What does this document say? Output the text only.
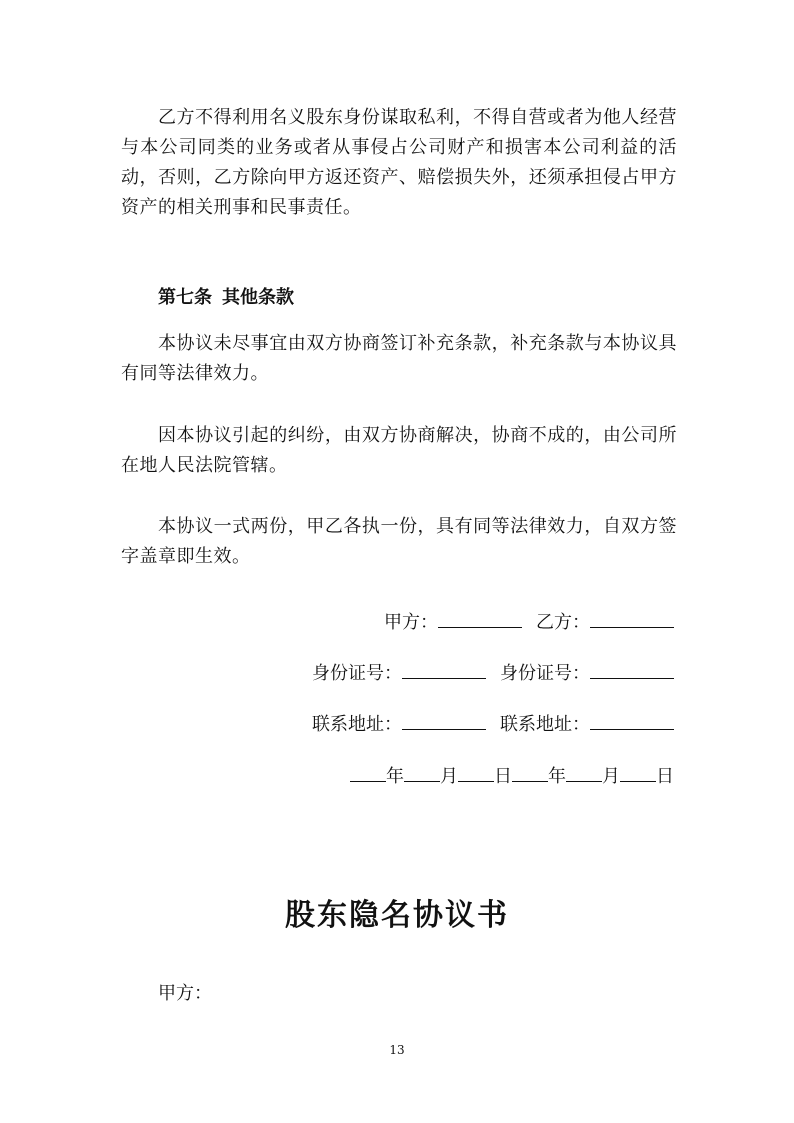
乙方不得利用名义股东身份谋取私利，不得自营或者为他人经营与本公司同类的业务或者从事侵占公司财产和损害本公司利益的活动，否则，乙方除向甲方返还资产、赔偿损失外，还须承担侵占甲方资产的相关刑事和民事责任。

第七条 其他条款

本协议未尽事宜由双方协商签订补充条款，补充条款与本协议具有同等法律效力。

因本协议引起的纠纷，由双方协商解决，协商不成的，由公司所在地人民法院管辖。

本协议一式两份，甲乙各执一份，具有同等法律效力，自双方签字盖章即生效。

甲方：	乙方：
身份证号：	身份证号：
联系地址：	联系地址：
年 月 日 年 月 日
股东隐名协议书

甲方：

13
